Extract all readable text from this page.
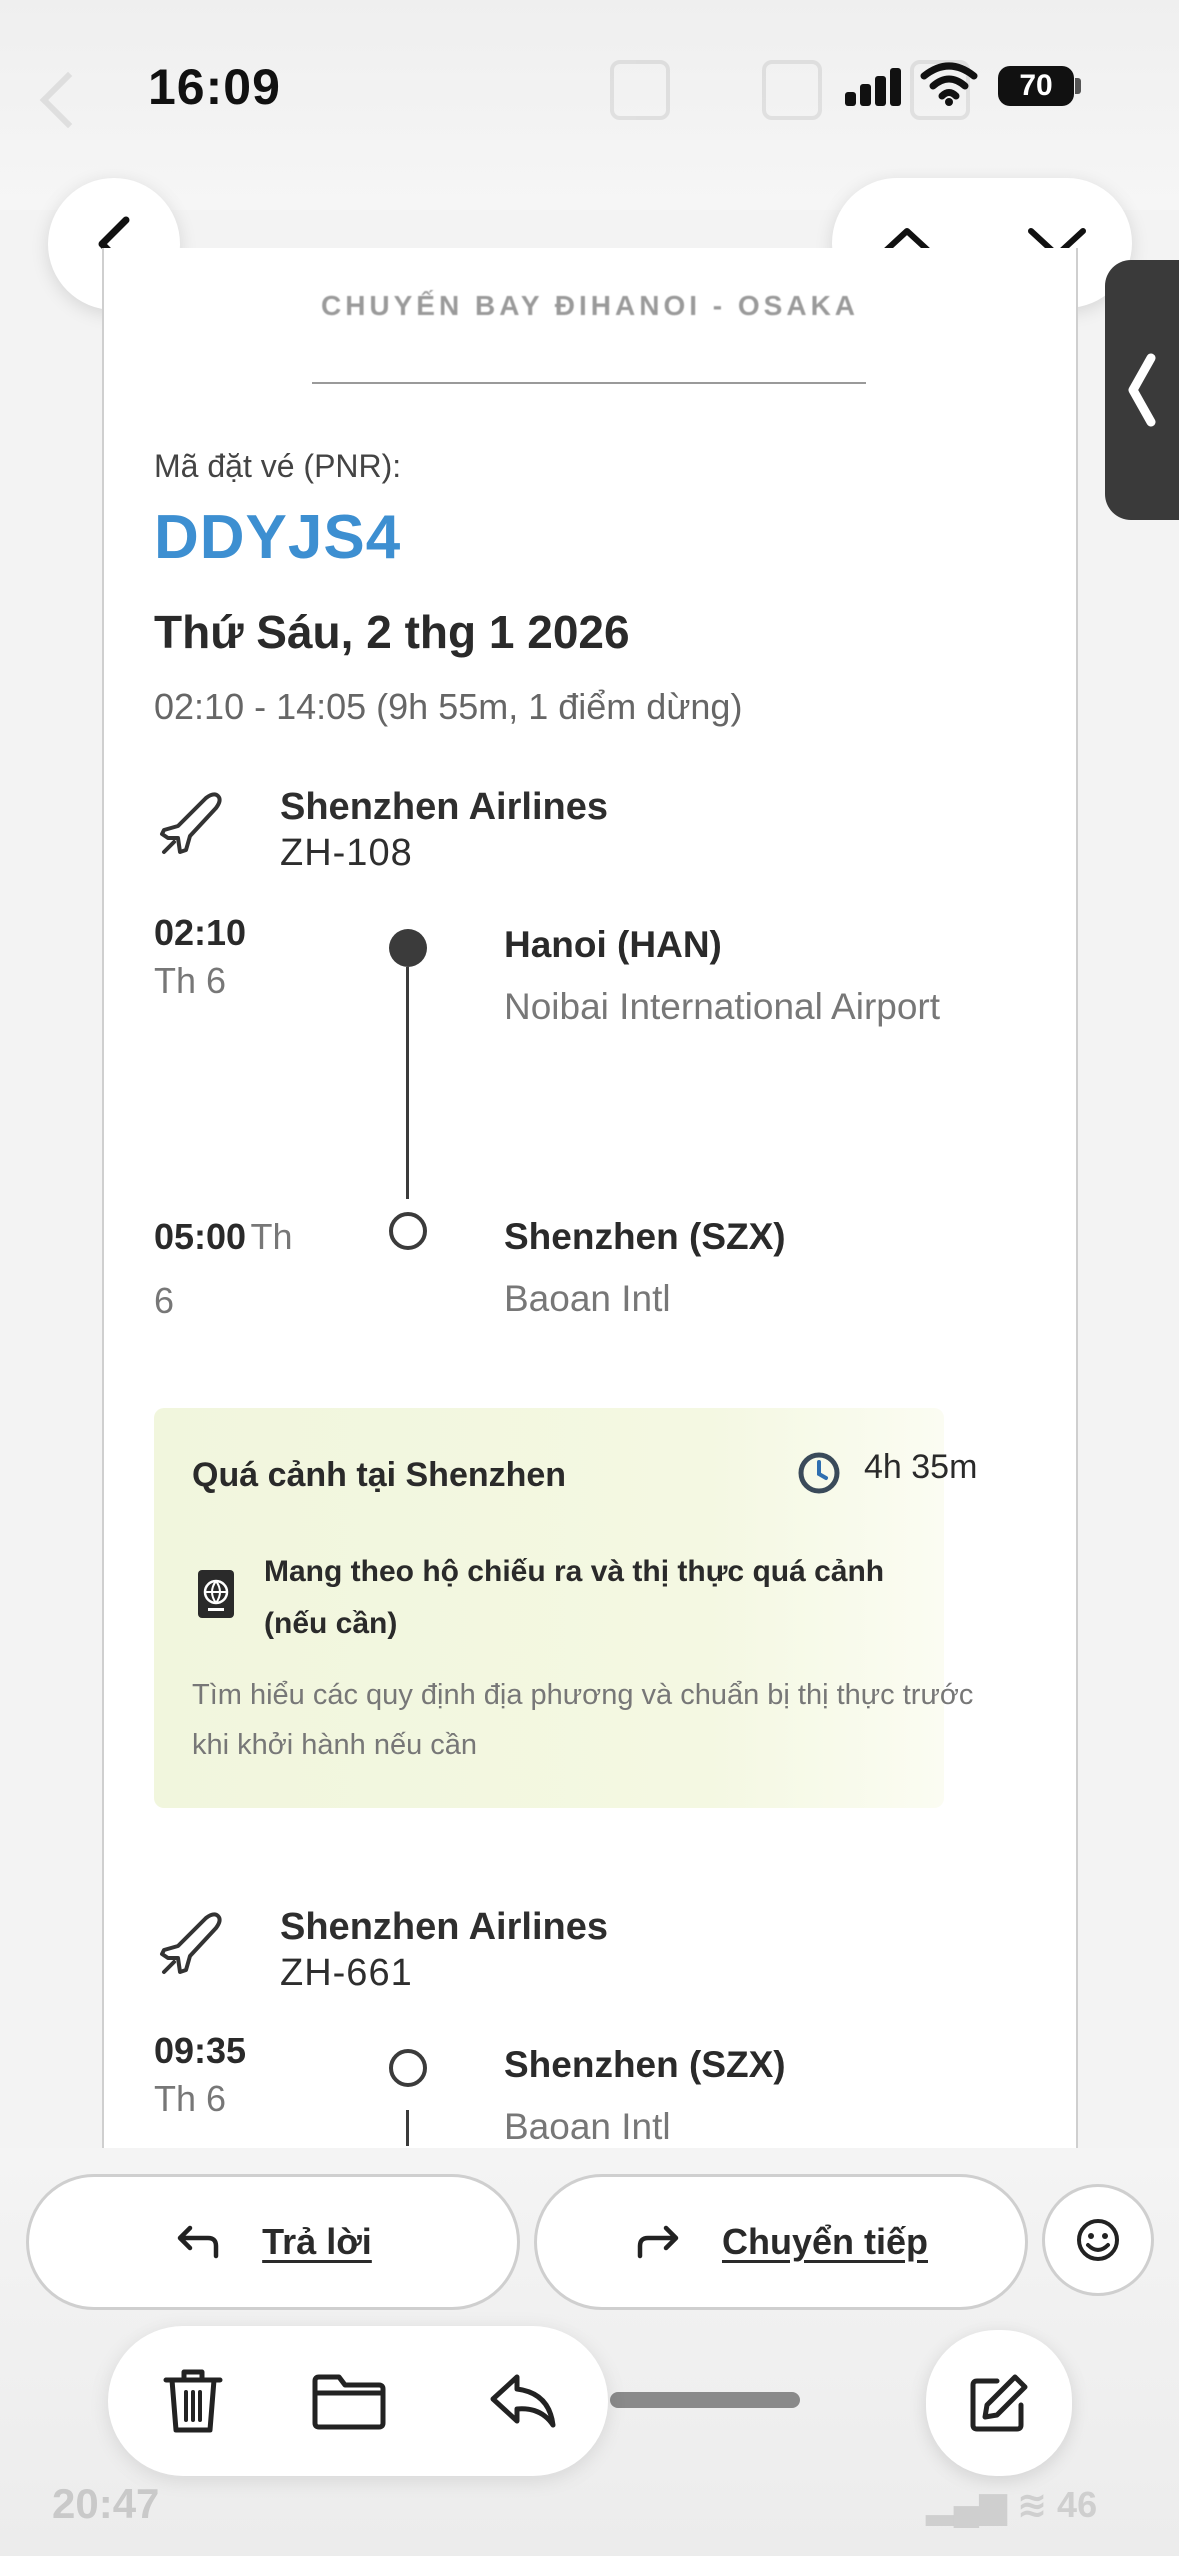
16:09	70
CHUYẾN BAY ĐIHANOI - OSAKA
Mã đặt vé (PNR):
DDYJS4
Thứ Sáu, 2 thg 1 2026
02:10 - 14:05 (9h 55m, 1 điểm dừng)
Shenzhen Airlines
ZH-108
02:10
Th 6
Hanoi (HAN)
Noibai International Airport
05:00 Th
6
Shenzhen (SZX)
Baoan Intl
Quá cảnh tại Shenzhen	4h 35m
Mang theo hộ chiếu ra và thị thực quá cảnh (nếu cần)
Tìm hiểu các quy định địa phương và chuẩn bị thị thực trước khi khởi hành nếu cần
Shenzhen Airlines
ZH-661
09:35
Th 6
Shenzhen (SZX)
Baoan Intl
Trả lời	Chuyển tiếp
20:47	▂▄▆ ≋ 46
